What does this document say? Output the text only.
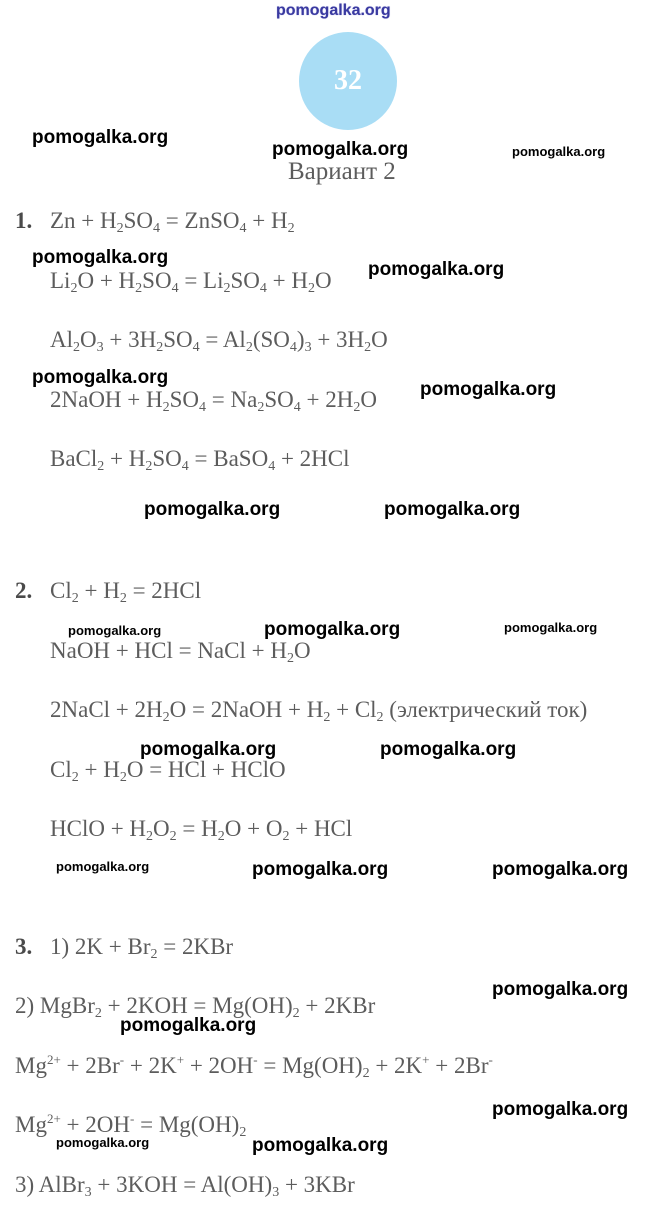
pomogalka.org
32
Вариант 2
1. $Zn + H_2SO_4$ = ZnSO$_4$ + $H_2$
$Li_2O + H_2SO_4 = Li_2SO_4 + H_2O$
$Al_2O_3 + 3H_2SO_4 = Al_2(SO_4)_3 + 3H_2O$
2NaOH + $H_2SO_4 = Na_2SO_4 + 2H_2O$
BaCl$_2$ + $H_2SO_4$ = BaSO$_4$ + 2HCl
2. $Cl_2 + H_2 = 2HCl$
NaOH + HCl = NaCl + $H_2O$
2NaCl + $2H_2O$ = 2NaOH + $H_2 + Cl_2$ (электрический ток)
$Cl_2 + H_2O$ = HCl + HClO
HClO + $H_2O_2 = H_2O + O_2$ + HCl
3. 1) $2K + Br_2 = 2KBr$
2) MgBr$_2$ + $2KOH = Mg(OH)_2 + 2KBr$
$Mg^{2+} + 2Br^- + 2K^+ + 2OH^- = Mg(OH)_2 + 2K^+ + 2Br^-$
$Mg^{2+} + 2OH^- = Mg(OH)_2$
3) AlBr$_3$ + $3KOH = Al(OH)_3 + 3KBr$
pomogalka.org
pomogalka.org	pomogalka.org
pomogalka.org
pomogalka.org
pomogalka.org
pomogalka.org
pomogalka.org	pomogalka.org
pomogalka.org	pomogalka.org	pomogalka.org
pomogalka.org	pomogalka.org
pomogalka.org	pomogalka.org	pomogalka.org
pomogalka.org
pomogalka.org
pomogalka.org
pomogalka.org	pomogalka.org
